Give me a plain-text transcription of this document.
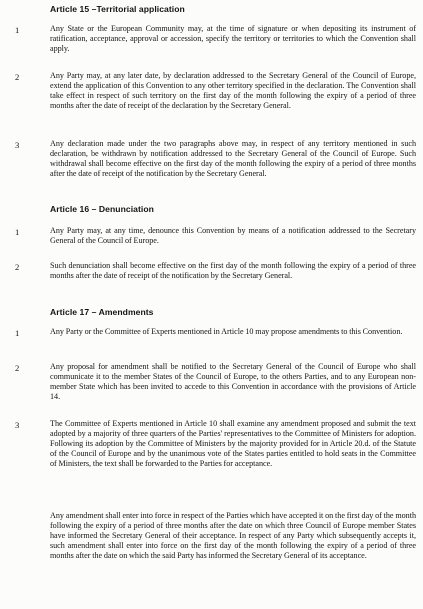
Article 15 –Territorial application
1	Any State or the European Community may, at the time of signature or when depositing its instrument of ratification, acceptance, approval or accession, specify the territory or territories to which the Convention shall apply.
2	Any Party may, at any later date, by declaration addressed to the Secretary General of the Council of Europe, extend the application of this Convention to any other territory specified in the declaration. The Convention shall take effect in respect of such territory on the first day of the month following the expiry of a period of three months after the date of receipt of the declaration by the Secretary General.
3	Any declaration made under the two paragraphs above may, in respect of any territory mentioned in such declaration, be withdrawn by notification addressed to the Secretary General of the Council of Europe. Such withdrawal shall become effective on the first day of the month following the expiry of a period of three months after the date of receipt of the notification by the Secretary General.
Article 16 – Denunciation
1	Any Party may, at any time, denounce this Convention by means of a notification addressed to the Secretary General of the Council of Europe.
2	Such denunciation shall become effective on the first day of the month following the expiry of a period of three months after the date of receipt of the notification by the Secretary General.
Article 17 – Amendments
1	Any Party or the Committee of Experts mentioned in Article 10 may propose amendments to this Convention.
2	Any proposal for amendment shall be notified to the Secretary General of the Council of Europe who shall communicate it to the member States of the Council of Europe, to the others Parties, and to any European non-member State which has been invited to accede to this Convention in accordance with the provisions of Article 14.
3	The Committee of Experts mentioned in Article 10 shall examine any amendment proposed and submit the text adopted by a majority of three quarters of the Parties' representatives to the Committee of Ministers for adoption. Following its adoption by the Committee of Ministers by the majority provided for in Article 20.d. of the Statute of the Council of Europe and by the unanimous vote of the States parties entitled to hold seats in the Committee of Ministers, the text shall be forwarded to the Parties for acceptance.
Any amendment shall enter into force in respect of the Parties which have accepted it on the first day of the month following the expiry of a period of three months after the date on which three Council of Europe member States have informed the Secretary General of their acceptance. In respect of any Party which subsequently accepts it, such amendment shall enter into force on the first day of the month following the expiry of a period of three months after the date on which the said Party has informed the Secretary General of its acceptance.
